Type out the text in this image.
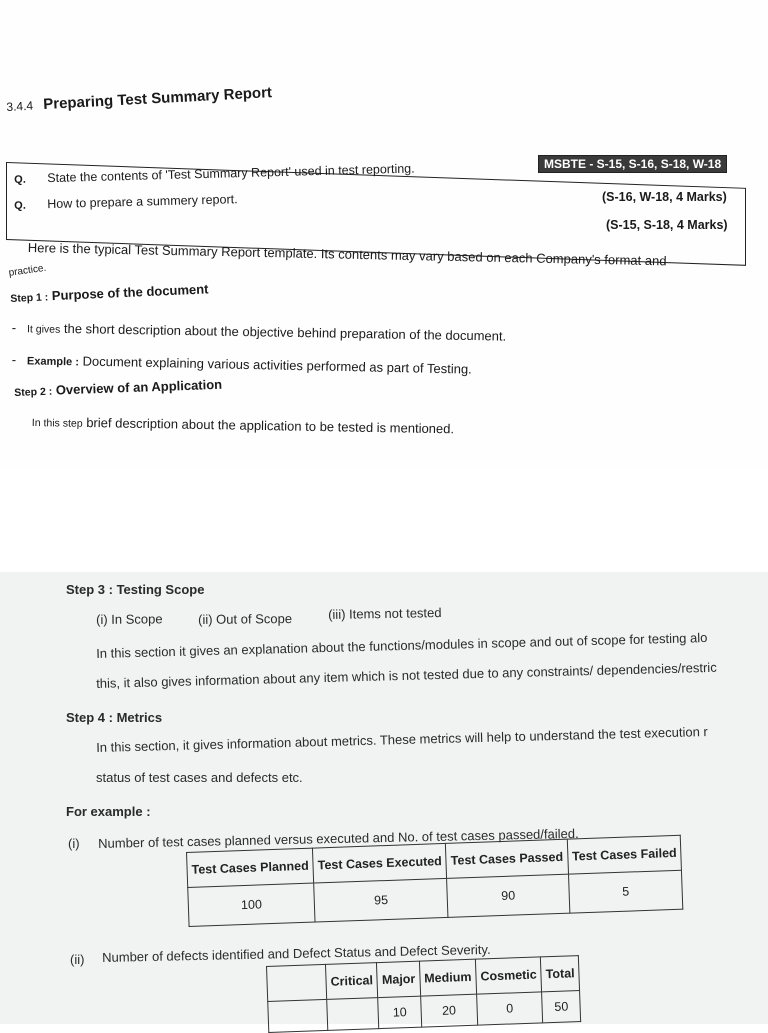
3.4.4 Preparing Test Summary Report
MSBTE - S-15, S-16, S-18, W-18
Q. State the contents of 'Test Summary Report' used in test reporting.
(S-16, W-18, 4 Marks)
Q. How to prepare a summery report.
(S-15, S-18, 4 Marks)
Here is the typical Test Summary Report template. Its contents may vary based on each Company's format and
practice.
Step 1 : Purpose of the document
-   It gives the short description about the objective behind preparation of the document.
-   Example : Document explaining various activities performed as part of Testing.
Step 2 : Overview of an Application
In this step brief description about the application to be tested is mentioned.
Step 3 : Testing Scope
(i) In Scope	(ii) Out of Scope	(iii) Items not tested
In this section it gives an explanation about the functions/modules in scope and out of scope for testing alo
this, it also gives information about any item which is not tested due to any constraints/ dependencies/restric
Step 4 : Metrics
In this section, it gives information about metrics. These metrics will help to understand the test execution r
status of test cases and defects etc.
For example :
(i) Number of test cases planned versus executed and No. of test cases passed/failed.
Test Cases Planned	Test Cases Executed	Test Cases Passed	Test Cases Failed
100	95	90	5
(ii) Number of defects identified and Defect Status and Defect Severity.
	Critical	Major	Medium	Cosmetic	Total
		10	20	0	50
